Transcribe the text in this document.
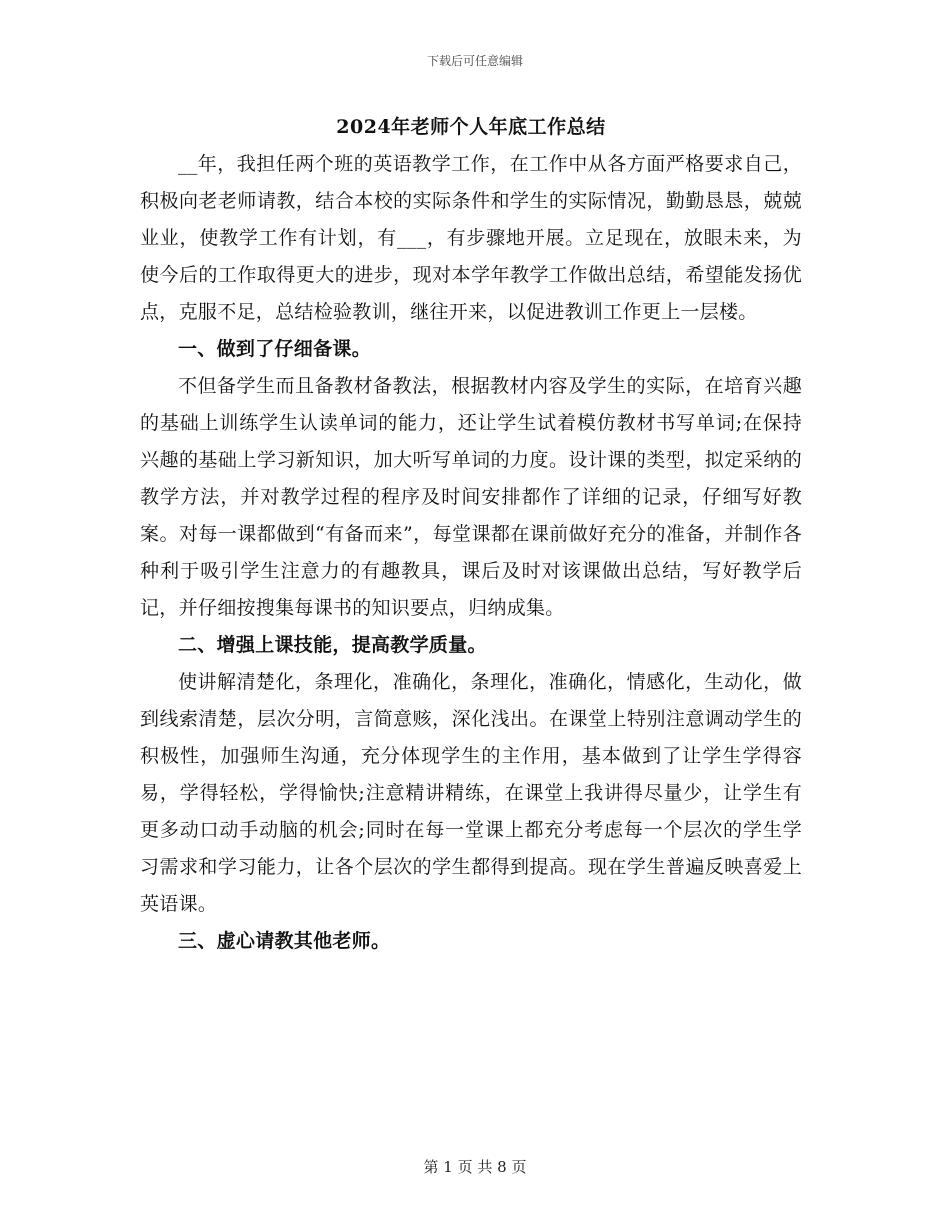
下载后可任意编辑
2024年老师个人年底工作总结

__年，我担任两个班的英语教学工作，在工作中从各方面严格要求自己，积极向老老师请教，结合本校的实际条件和学生的实际情况，勤勤恳恳，兢兢业业，使教学工作有计划，有___，有步骤地开展。立足现在，放眼未来，为使今后的工作取得更大的进步，现对本学年教学工作做出总结，希望能发扬优点，克服不足，总结检验教训，继往开来，以促进教训工作更上一层楼。

一、做到了仔细备课。

不但备学生而且备教材备教法，根据教材内容及学生的实际，在培育兴趣的基础上训练学生认读单词的能力，还让学生试着模仿教材书写单词;在保持兴趣的基础上学习新知识，加大听写单词的力度。设计课的类型，拟定采纳的教学方法，并对教学过程的程序及时间安排都作了详细的记录，仔细写好教案。对每一课都做到“有备而来”，每堂课都在课前做好充分的准备，并制作各种利于吸引学生注意力的有趣教具，课后及时对该课做出总结，写好教学后记，并仔细按搜集每课书的知识要点，归纳成集。

二、增强上课技能，提高教学质量。

使讲解清楚化，条理化，准确化，条理化，准确化，情感化，生动化，做到线索清楚，层次分明，言简意赅，深化浅出。在课堂上特别注意调动学生的积极性，加强师生沟通，充分体现学生的主作用，基本做到了让学生学得容易，学得轻松，学得愉快;注意精讲精练，在课堂上我讲得尽量少，让学生有更多动口动手动脑的机会;同时在每一堂课上都充分考虑每一个层次的学生学习需求和学习能力，让各个层次的学生都得到提高。现在学生普遍反映喜爱上英语课。

三、虚心请教其他老师。

第 1 页 共 8 页
